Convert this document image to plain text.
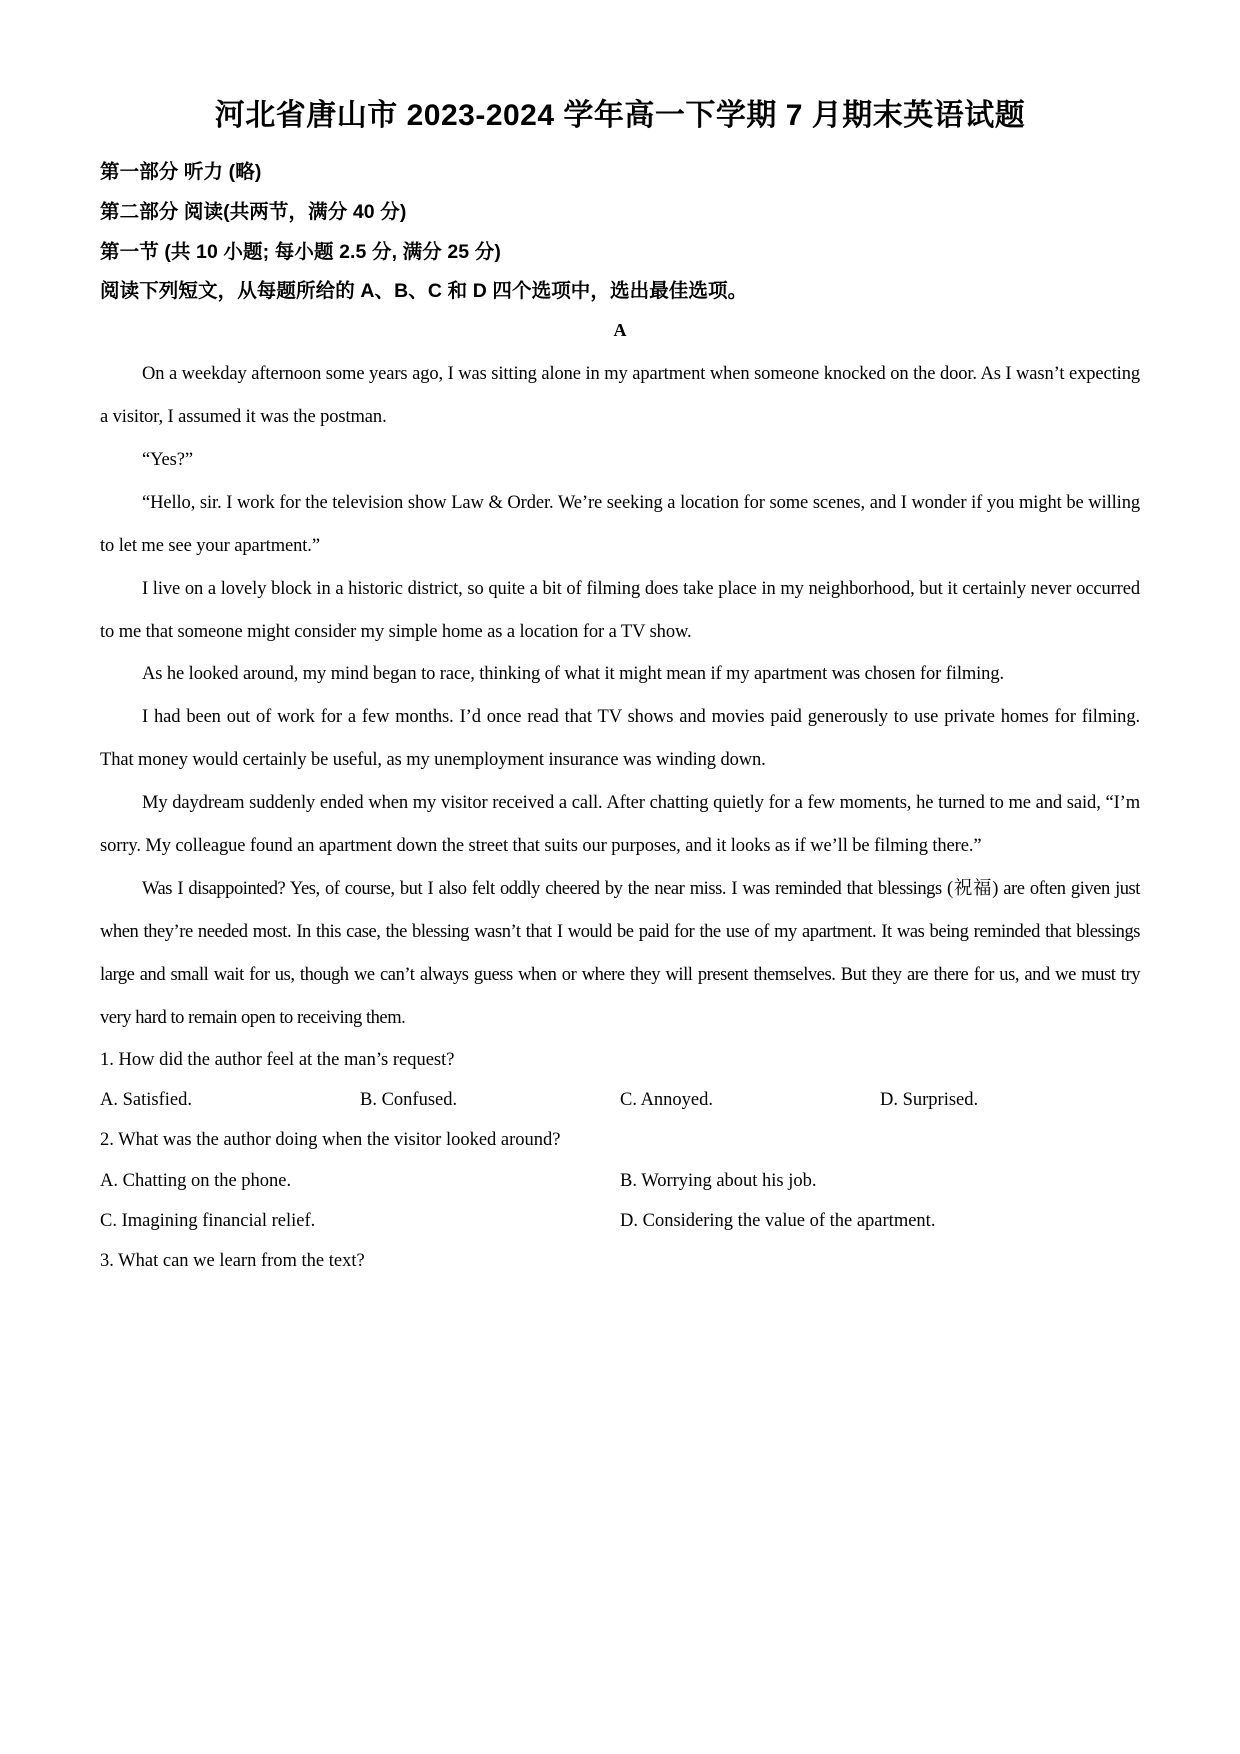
河北省唐山市 2023-2024 学年高一下学期 7 月期末英语试题
第一部分 听力 (略)
第二部分 阅读(共两节，满分 40 分)
第一节 (共 10 小题; 每小题 2.5 分, 满分 25 分)
阅读下列短文，从每题所给的 A、B、C 和 D 四个选项中，选出最佳选项。
A

On a weekday afternoon some years ago, I was sitting alone in my apartment when someone knocked on the door. As I wasn’t expecting a visitor, I assumed it was the postman.

“Yes?”

“Hello, sir. I work for the television show Law & Order. We’re seeking a location for some scenes, and I wonder if you might be willing to let me see your apartment.”

I live on a lovely block in a historic district, so quite a bit of filming does take place in my neighborhood, but it certainly never occurred to me that someone might consider my simple home as a location for a TV show.

As he looked around, my mind began to race, thinking of what it might mean if my apartment was chosen for filming.

I had been out of work for a few months. I’d once read that TV shows and movies paid generously to use private homes for filming. That money would certainly be useful, as my unemployment insurance was winding down.

My daydream suddenly ended when my visitor received a call. After chatting quietly for a few moments, he turned to me and said, “I’m sorry. My colleague found an apartment down the street that suits our purposes, and it looks as if we’ll be filming there.”

Was I disappointed? Yes, of course, but I also felt oddly cheered by the near miss. I was reminded that blessings (祝福) are often given just when they’re needed most. In this case, the blessing wasn’t that I would be paid for the use of my apartment. It was being reminded that blessings large and small wait for us, though we can’t always guess when or where they will present themselves. But they are there for us, and we must try very hard to remain open to receiving them.

1. How did the author feel at the man’s request?

A. Satisfied.	B. Confused.	C. Annoyed.	D. Surprised.

2. What was the author doing when the visitor looked around?

A. Chatting on the phone.	B. Worrying about his job.
C. Imagining financial relief.	D. Considering the value of the apartment.

3. What can we learn from the text?
